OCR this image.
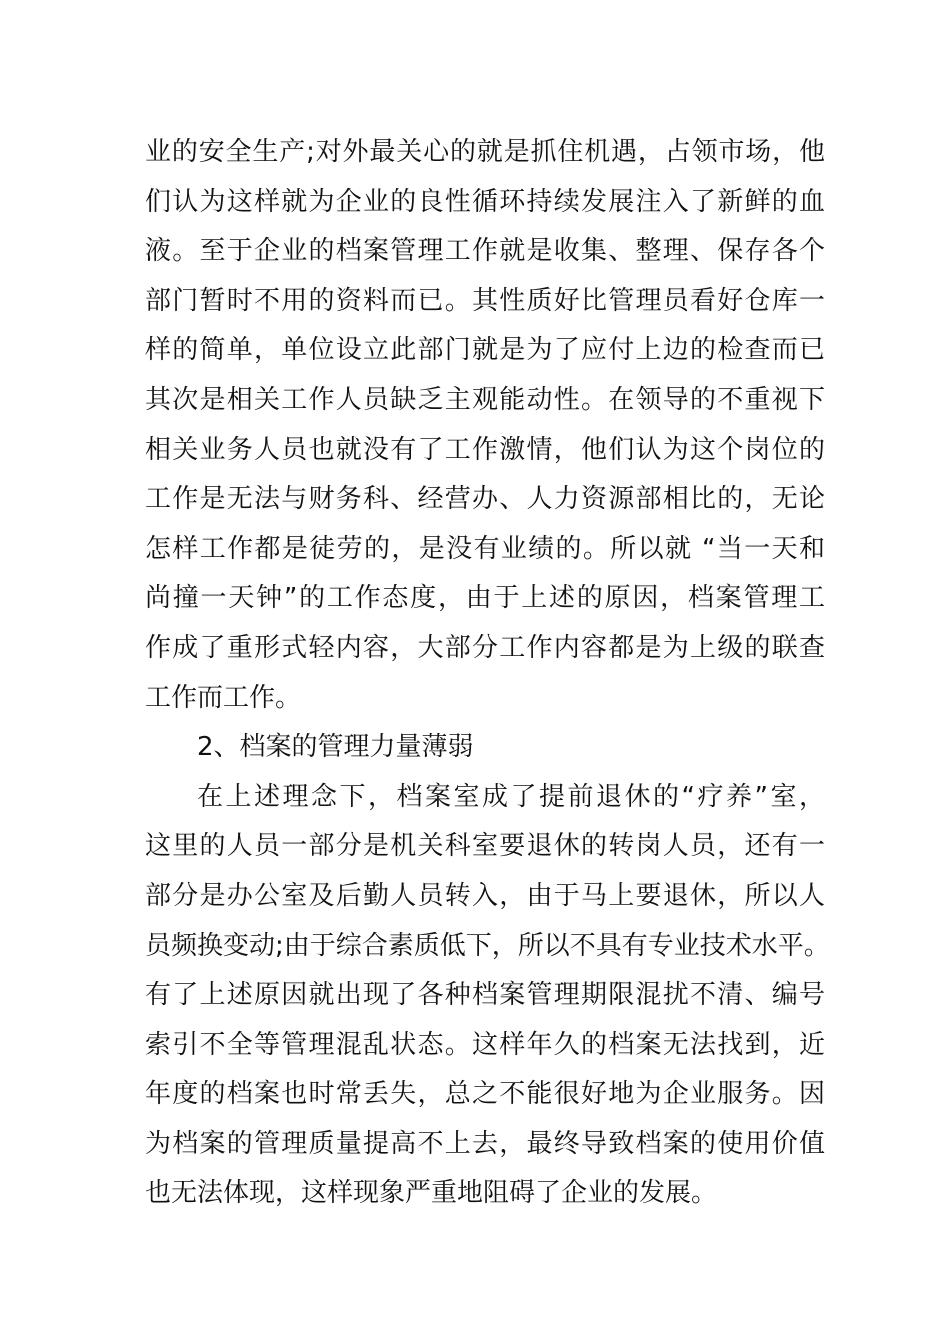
业的安全生产;对外最关心的就是抓住机遇，占领市场，他
们认为这样就为企业的良性循环持续发展注入了新鲜的血
液。至于企业的档案管理工作就是收集、整理、保存各个
部门暂时不用的资料而已。其性质好比管理员看好仓库一
样的简单，单位设立此部门就是为了应付上边的检查而已
其次是相关工作人员缺乏主观能动性。在领导的不重视下
相关业务人员也就没有了工作激情，他们认为这个岗位的
工作是无法与财务科、经营办、人力资源部相比的，无论
怎样工作都是徒劳的，是没有业绩的。所以就 “当一天和
尚撞一天钟”的工作态度，由于上述的原因，档案管理工
作成了重形式轻内容，大部分工作内容都是为上级的联查
工作而工作。
2、档案的管理力量薄弱
在上述理念下，档案室成了提前退休的“疗养”室，
这里的人员一部分是机关科室要退休的转岗人员，还有一
部分是办公室及后勤人员转入，由于马上要退休，所以人
员频换变动;由于综合素质低下，所以不具有专业技术水平。
有了上述原因就出现了各种档案管理期限混扰不清、编号
索引不全等管理混乱状态。这样年久的档案无法找到，近
年度的档案也时常丢失，总之不能很好地为企业服务。因
为档案的管理质量提高不上去，最终导致档案的使用价值
也无法体现，这样现象严重地阻碍了企业的发展。
